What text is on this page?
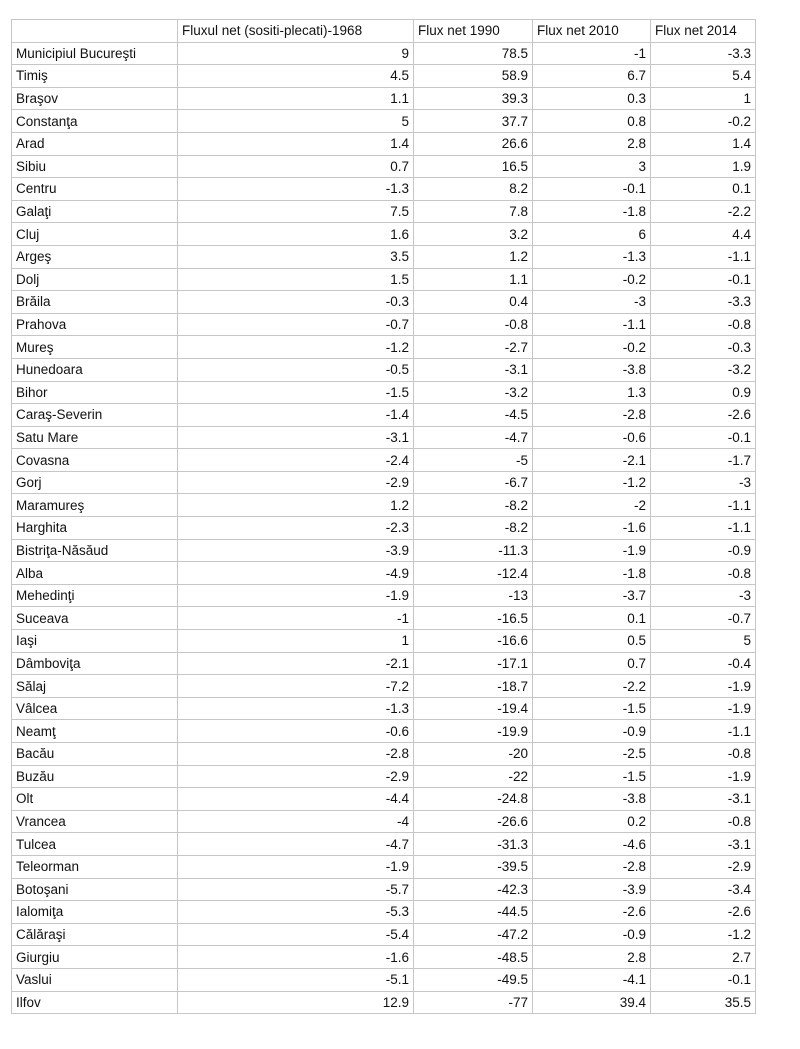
	Fluxul net (sositi-plecati)-1968	Flux net 1990	Flux net 2010	Flux net 2014
Municipiul Bucureşti	9	78.5	-1	-3.3
Timiş	4.5	58.9	6.7	5.4
Braşov	1.1	39.3	0.3	1
Constanţa	5	37.7	0.8	-0.2
Arad	1.4	26.6	2.8	1.4
Sibiu	0.7	16.5	3	1.9
Centru	-1.3	8.2	-0.1	0.1
Galaţi	7.5	7.8	-1.8	-2.2
Cluj	1.6	3.2	6	4.4
Argeş	3.5	1.2	-1.3	-1.1
Dolj	1.5	1.1	-0.2	-0.1
Brăila	-0.3	0.4	-3	-3.3
Prahova	-0.7	-0.8	-1.1	-0.8
Mureş	-1.2	-2.7	-0.2	-0.3
Hunedoara	-0.5	-3.1	-3.8	-3.2
Bihor	-1.5	-3.2	1.3	0.9
Caraş-Severin	-1.4	-4.5	-2.8	-2.6
Satu Mare	-3.1	-4.7	-0.6	-0.1
Covasna	-2.4	-5	-2.1	-1.7
Gorj	-2.9	-6.7	-1.2	-3
Maramureş	1.2	-8.2	-2	-1.1
Harghita	-2.3	-8.2	-1.6	-1.1
Bistriţa-Năsăud	-3.9	-11.3	-1.9	-0.9
Alba	-4.9	-12.4	-1.8	-0.8
Mehedinţi	-1.9	-13	-3.7	-3
Suceava	-1	-16.5	0.1	-0.7
Iaşi	1	-16.6	0.5	5
Dâmboviţa	-2.1	-17.1	0.7	-0.4
Sălaj	-7.2	-18.7	-2.2	-1.9
Vâlcea	-1.3	-19.4	-1.5	-1.9
Neamţ	-0.6	-19.9	-0.9	-1.1
Bacău	-2.8	-20	-2.5	-0.8
Buzău	-2.9	-22	-1.5	-1.9
Olt	-4.4	-24.8	-3.8	-3.1
Vrancea	-4	-26.6	0.2	-0.8
Tulcea	-4.7	-31.3	-4.6	-3.1
Teleorman	-1.9	-39.5	-2.8	-2.9
Botoşani	-5.7	-42.3	-3.9	-3.4
Ialomiţa	-5.3	-44.5	-2.6	-2.6
Călăraşi	-5.4	-47.2	-0.9	-1.2
Giurgiu	-1.6	-48.5	2.8	2.7
Vaslui	-5.1	-49.5	-4.1	-0.1
Ilfov	12.9	-77	39.4	35.5
